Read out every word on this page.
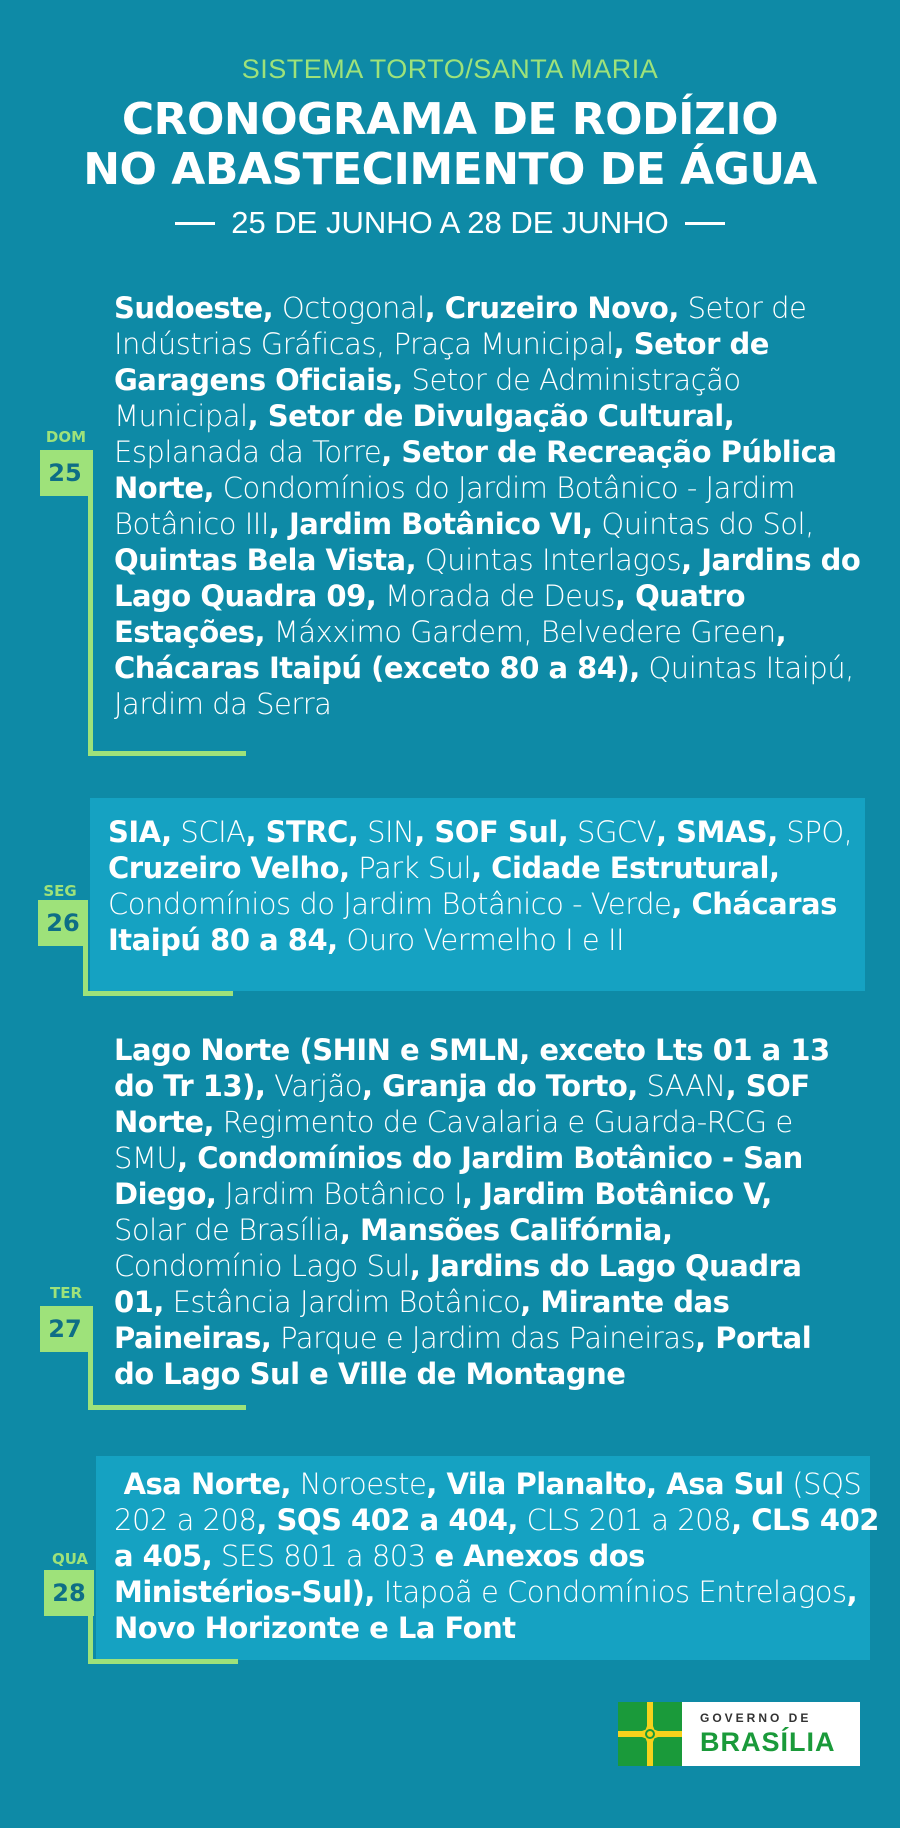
SISTEMA TORTO/SANTA MARIA
CRONOGRAMA DE RODÍZIO
NO ABASTECIMENTO DE ÁGUA
25 DE JUNHO A 28 DE JUNHO
DOM
25
Sudoeste, Octogonal, Cruzeiro Novo, Setor de
Indústrias Gráficas, Praça Municipal, Setor de
Garagens Oficiais, Setor de Administração
Municipal, Setor de Divulgação Cultural,
Esplanada da Torre, Setor de Recreação Pública
Norte, Condomínios do Jardim Botânico - Jardim
Botânico III, Jardim Botânico VI, Quintas do Sol,
Quintas Bela Vista, Quintas Interlagos, Jardins do
Lago Quadra 09, Morada de Deus, Quatro
Estações, Máxximo Gardem, Belvedere Green,
Chácaras Itaipú (exceto 80 a 84), Quintas Itaipú,
Jardim da Serra
SEG
26
SIA, SCIA, STRC, SIN, SOF Sul, SGCV, SMAS, SPO,
Cruzeiro Velho, Park Sul, Cidade Estrutural,
Condomínios do Jardim Botânico - Verde, Chácaras
Itaipú 80 a 84, Ouro Vermelho I e II
TER
27
Lago Norte (SHIN e SMLN, exceto Lts 01 a 13
do Tr 13), Varjão, Granja do Torto, SAAN, SOF
Norte, Regimento de Cavalaria e Guarda-RCG e
SMU, Condomínios do Jardim Botânico - San
Diego, Jardim Botânico I, Jardim Botânico V,
Solar de Brasília, Mansões Califórnia,
Condomínio Lago Sul, Jardins do Lago Quadra
01, Estância Jardim Botânico, Mirante das
Paineiras, Parque e Jardim das Paineiras, Portal
do Lago Sul e Ville de Montagne
QUA
28
Asa Norte, Noroeste, Vila Planalto, Asa Sul (SQS
202 a 208, SQS 402 a 404, CLS 201 a 208, CLS 402
a 405, SES 801 a 803 e Anexos dos
Ministérios-Sul), Itapoã e Condomínios Entrelagos,
Novo Horizonte e La Font
GOVERNO DE
BRASÍLIA
